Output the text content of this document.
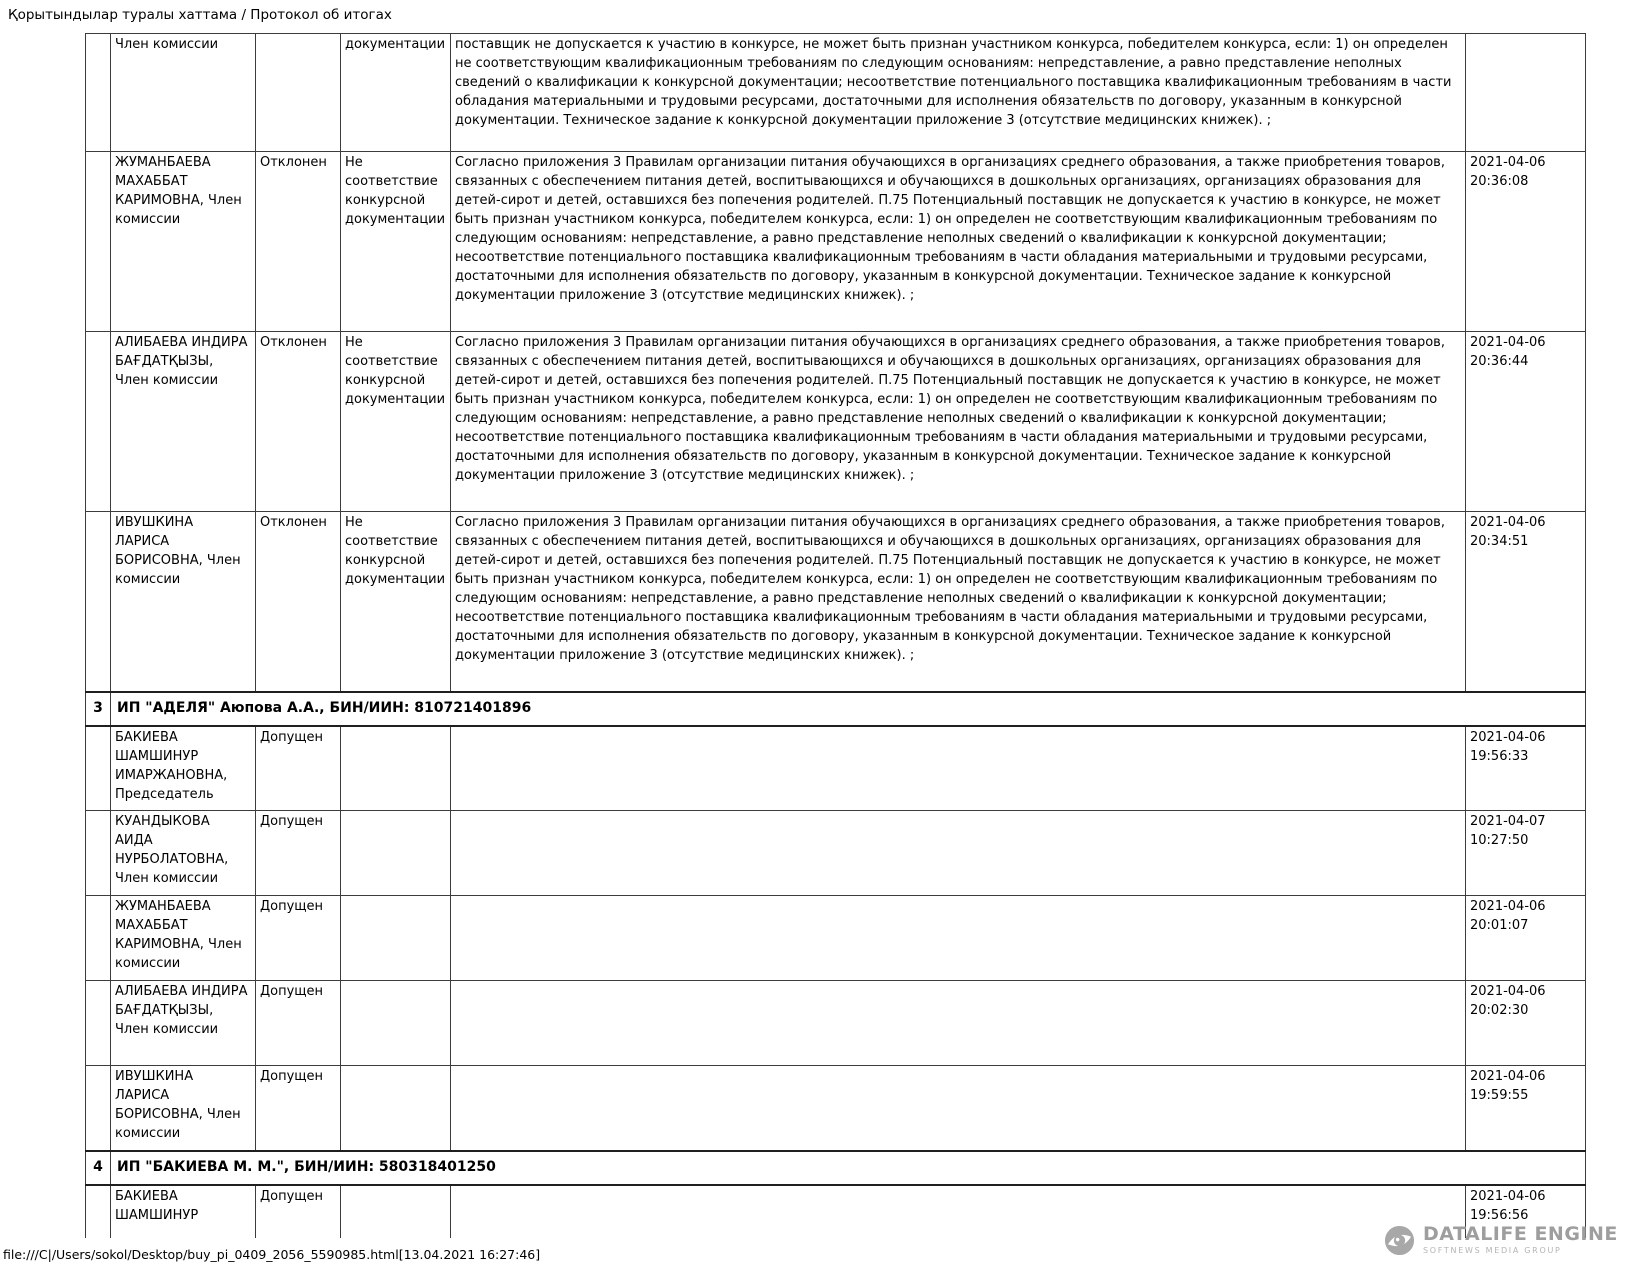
Қорытындылар туралы хаттама / Протокол об итогах
	Член комиссии		документации	поставщик не допускается к участию в конкурсе, не может быть признан участником конкурса, победителем конкурса, если: 1) он определен не соответствующим квалификационным требованиям по следующим основаниям: непредставление, а равно представление неполных сведений о квалификации к конкурсной документации; несоответствие потенциального поставщика квалификационным требованиям в части обладания материальными и трудовыми ресурсами, достаточными для исполнения обязательств по договору, указанным в конкурсной документации. Техническое задание к конкурсной документации приложение 3 (отсутствие медицинских книжек). ;	
	ЖУМАНБАЕВА МАХАББАТ КАРИМОВНА, Член комиссии	Отклонен	Не соответствие конкурсной документации	Согласно приложения 3 Правилам организации питания обучающихся в организациях среднего образования, а также приобретения товаров, связанных с обеспечением питания детей, воспитывающихся и обучающихся в дошкольных организациях, организациях образования для детей-сирот и детей, оставшихся без попечения родителей. П.75 Потенциальный поставщик не допускается к участию в конкурсе, не может быть признан участником конкурса, победителем конкурса, если: 1) он определен не соответствующим квалификационным требованиям по следующим основаниям: непредставление, а равно представление неполных сведений о квалификации к конкурсной документации; несоответствие потенциального поставщика квалификационным требованиям в части обладания материальными и трудовыми ресурсами, достаточными для исполнения обязательств по договору, указанным в конкурсной документации. Техническое задание к конкурсной документации приложение 3 (отсутствие медицинских книжек). ;	2021-04-06 20:36:08
	АЛИБАЕВА ИНДИРА БАҒДАТҚЫЗЫ, Член комиссии	Отклонен	Не соответствие конкурсной документации	Согласно приложения 3 Правилам организации питания обучающихся в организациях среднего образования, а также приобретения товаров, связанных с обеспечением питания детей, воспитывающихся и обучающихся в дошкольных организациях, организациях образования для детей-сирот и детей, оставшихся без попечения родителей. П.75 Потенциальный поставщик не допускается к участию в конкурсе, не может быть признан участником конкурса, победителем конкурса, если: 1) он определен не соответствующим квалификационным требованиям по следующим основаниям: непредставление, а равно представление неполных сведений о квалификации к конкурсной документации; несоответствие потенциального поставщика квалификационным требованиям в части обладания материальными и трудовыми ресурсами, достаточными для исполнения обязательств по договору, указанным в конкурсной документации. Техническое задание к конкурсной документации приложение 3 (отсутствие медицинских книжек). ;	2021-04-06 20:36:44
	ИВУШКИНА ЛАРИСА БОРИСОВНА, Член комиссии	Отклонен	Не соответствие конкурсной документации	Согласно приложения 3 Правилам организации питания обучающихся в организациях среднего образования, а также приобретения товаров, связанных с обеспечением питания детей, воспитывающихся и обучающихся в дошкольных организациях, организациях образования для детей-сирот и детей, оставшихся без попечения родителей. П.75 Потенциальный поставщик не допускается к участию в конкурсе, не может быть признан участником конкурса, победителем конкурса, если: 1) он определен не соответствующим квалификационным требованиям по следующим основаниям: непредставление, а равно представление неполных сведений о квалификации к конкурсной документации; несоответствие потенциального поставщика квалификационным требованиям в части обладания материальными и трудовыми ресурсами, достаточными для исполнения обязательств по договору, указанным в конкурсной документации. Техническое задание к конкурсной документации приложение 3 (отсутствие медицинских книжек). ;	2021-04-06 20:34:51
3	ИП "АДЕЛЯ" Аюпова А.А., БИН/ИИН: 810721401896				
	БАКИЕВА ШАМШИНУР ИМАРЖАНОВНА, Председатель	Допущен			2021-04-06 19:56:33
	КУАНДЫКОВА АИДА НУРБОЛАТОВНА, Член комиссии	Допущен			2021-04-07 10:27:50
	ЖУМАНБАЕВА МАХАББАТ КАРИМОВНА, Член комиссии	Допущен			2021-04-06 20:01:07
	АЛИБАЕВА ИНДИРА БАҒДАТҚЫЗЫ, Член комиссии	Допущен			2021-04-06 20:02:30
	ИВУШКИНА ЛАРИСА БОРИСОВНА, Член комиссии	Допущен			2021-04-06 19:59:55
4	ИП "БАКИЕВА М. М.", БИН/ИИН: 580318401250				
	БАКИЕВА ШАМШИНУР	Допущен			2021-04-06 19:56:56
file:///C|/Users/sokol/Desktop/buy_pi_0409_2056_5590985.html[13.04.2021 16:27:46]
DATALIFE ENGINE
SOFTNEWS MEDIA GROUP
